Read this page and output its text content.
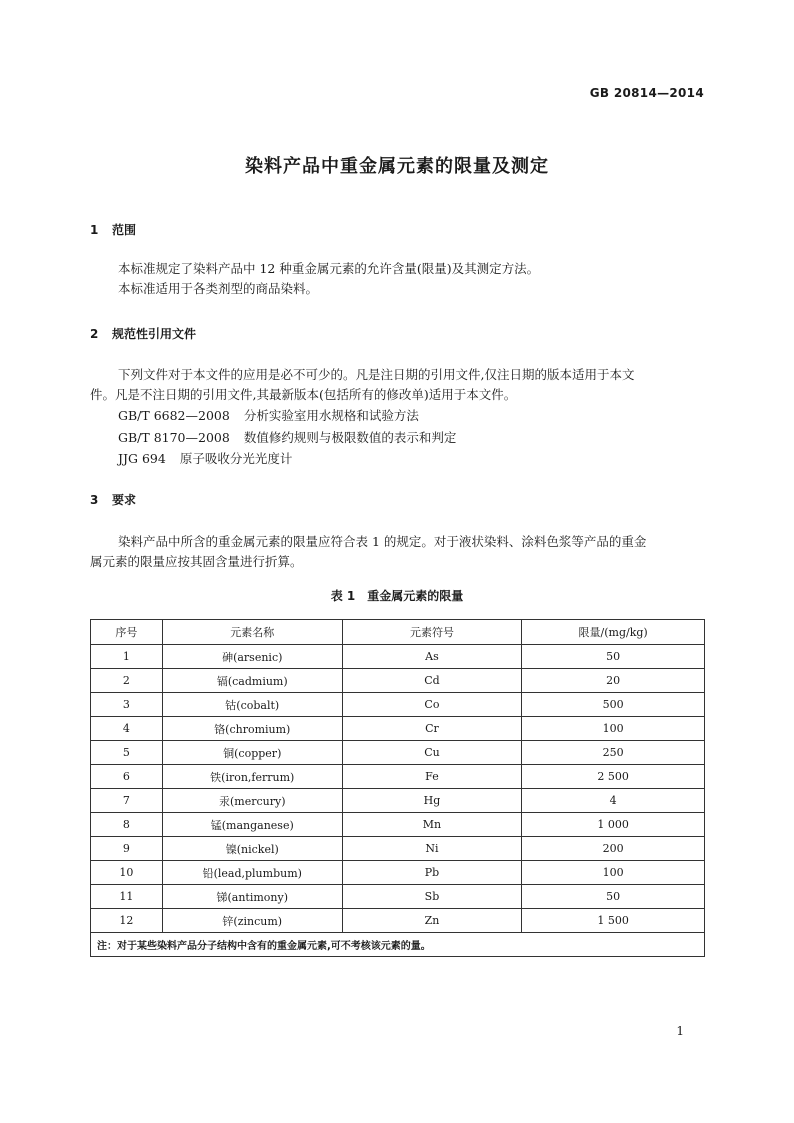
GB 20814—2014
染料产品中重金属元素的限量及测定
1 范围
本标准规定了染料产品中 12 种重金属元素的允许含量(限量)及其测定方法。
本标准适用于各类剂型的商品染料。
2 规范性引用文件
下列文件对于本文件的应用是必不可少的。凡是注日期的引用文件,仅注日期的版本适用于本文
件。凡是不注日期的引用文件,其最新版本(包括所有的修改单)适用于本文件。
GB/T 6682—2008 分析实验室用水规格和试验方法
GB/T 8170—2008 数值修约规则与极限数值的表示和判定
JJG 694 原子吸收分光光度计
3 要求
染料产品中所含的重金属元素的限量应符合表 1 的规定。对于液状染料、涂料色浆等产品的重金
属元素的限量应按其固含量进行折算。
表 1　重金属元素的限量
序号	元素名称	元素符号	限量/(mg/kg)
1	砷(arsenic)	As	50
2	镉(cadmium)	Cd	20
3	钴(cobalt)	Co	500
4	铬(chromium)	Cr	100
5	铜(copper)	Cu	250
6	铁(iron,ferrum)	Fe	2 500
7	汞(mercury)	Hg	4
8	锰(manganese)	Mn	1 000
9	镍(nickel)	Ni	200
10	铅(lead,plumbum)	Pb	100
11	锑(antimony)	Sb	50
12	锌(zincum)	Zn	1 500
注：对于某些染料产品分子结构中含有的重金属元素,可不考核该元素的量。			
1
